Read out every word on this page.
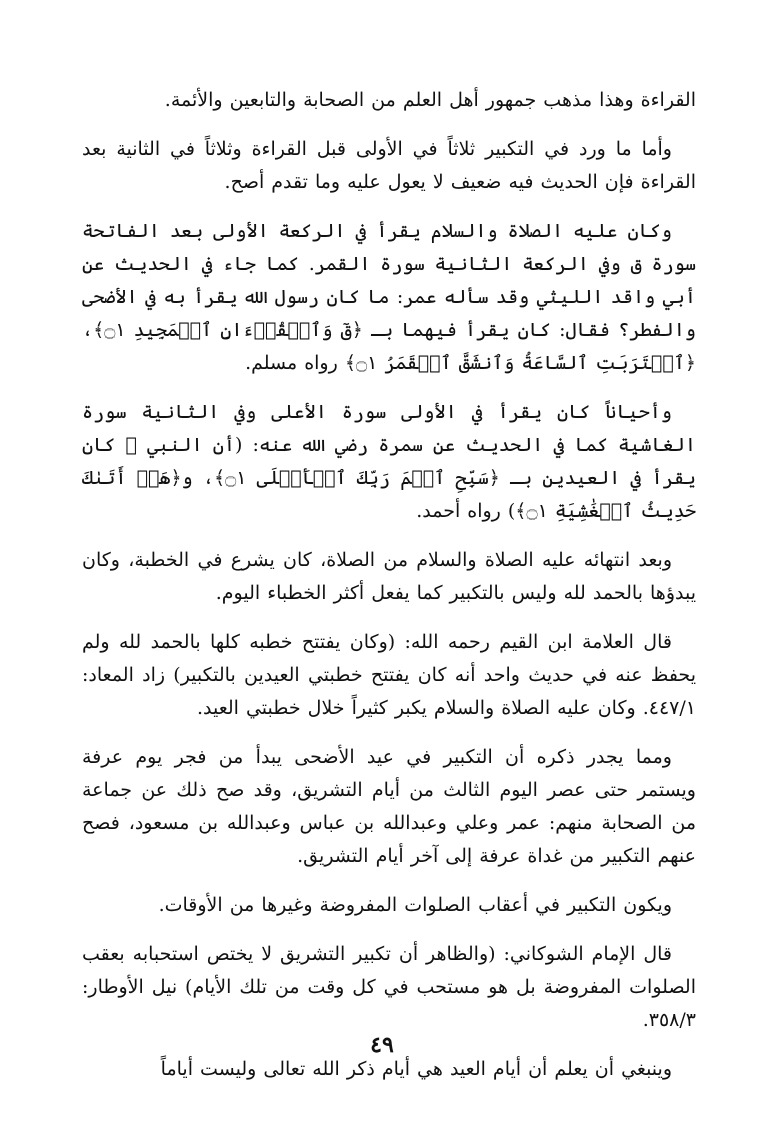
القراءة وهذا مذهب جمهور أهل العلم من الصحابة والتابعين والأئمة.

وأما ما ورد في التكبير ثلاثاً في الأولى قبل القراءة وثلاثاً في الثانية بعد القراءة فإن الحديث فيه ضعيف لا يعول عليه وما تقدم أصح.

وكان عليه الصلاة والسلام يقرأ في الركعة الأولى بعد الفاتحة سورة ق وفي الركعة الثانية سورة القمر. كما جاء في الحديث عن أبي واقد الليثي وقد سأله عمر: ما كان رسول الله يقرأ به في الأضحى والفطر؟ فقال: كان يقرأ فيهما بـ ﴿قٓ وَٱلۡقُرۡءَانِ ٱلۡمَجِيدِ ۝١﴾، ﴿ٱقۡتَرَبَتِ ٱلسَّاعَةُ وَٱنشَقَّ ٱلۡقَمَرُ ۝١﴾ رواه مسلم.

وأحياناً كان يقرأ في الأولى سورة الأعلى وفي الثانية سورة الغاشية كما في الحديث عن سمرة رضي الله عنه: (أن النبي ﷺ كان يقرأ في العيدين بـ ﴿سَبِّحِ ٱسۡمَ رَبِّكَ ٱلۡأَعۡلَى ۝١﴾، و﴿هَلۡ أَتَىٰكَ حَدِيثُ ٱلۡغَٰشِيَةِ ۝١﴾) رواه أحمد.

وبعد انتهائه عليه الصلاة والسلام من الصلاة، كان يشرع في الخطبة، وكان يبدؤها بالحمد لله وليس بالتكبير كما يفعل أكثر الخطباء اليوم.

قال العلامة ابن القيم رحمه الله: (وكان يفتتح خطبه كلها بالحمد لله ولم يحفظ عنه في حديث واحد أنه كان يفتتح خطبتي العيدين بالتكبير) زاد المعاد: ٤٤٧/١. وكان عليه الصلاة والسلام يكبر كثيراً خلال خطبتي العيد.

ومما يجدر ذكره أن التكبير في عيد الأضحى يبدأ من فجر يوم عرفة ويستمر حتى عصر اليوم الثالث من أيام التشريق، وقد صح ذلك عن جماعة من الصحابة منهم: عمر وعلي وعبدالله بن عباس وعبدالله بن مسعود، فصح عنهم التكبير من غداة عرفة إلى آخر أيام التشريق.

ويكون التكبير في أعقاب الصلوات المفروضة وغيرها من الأوقات.

قال الإمام الشوكاني: (والظاهر أن تكبير التشريق لا يختص استحبابه بعقب الصلوات المفروضة بل هو مستحب في كل وقت من تلك الأيام) نيل الأوطار: ٣٥٨/٣.

وينبغي أن يعلم أن أيام العيد هي أيام ذكر الله تعالى وليست أياماً

٤٩
